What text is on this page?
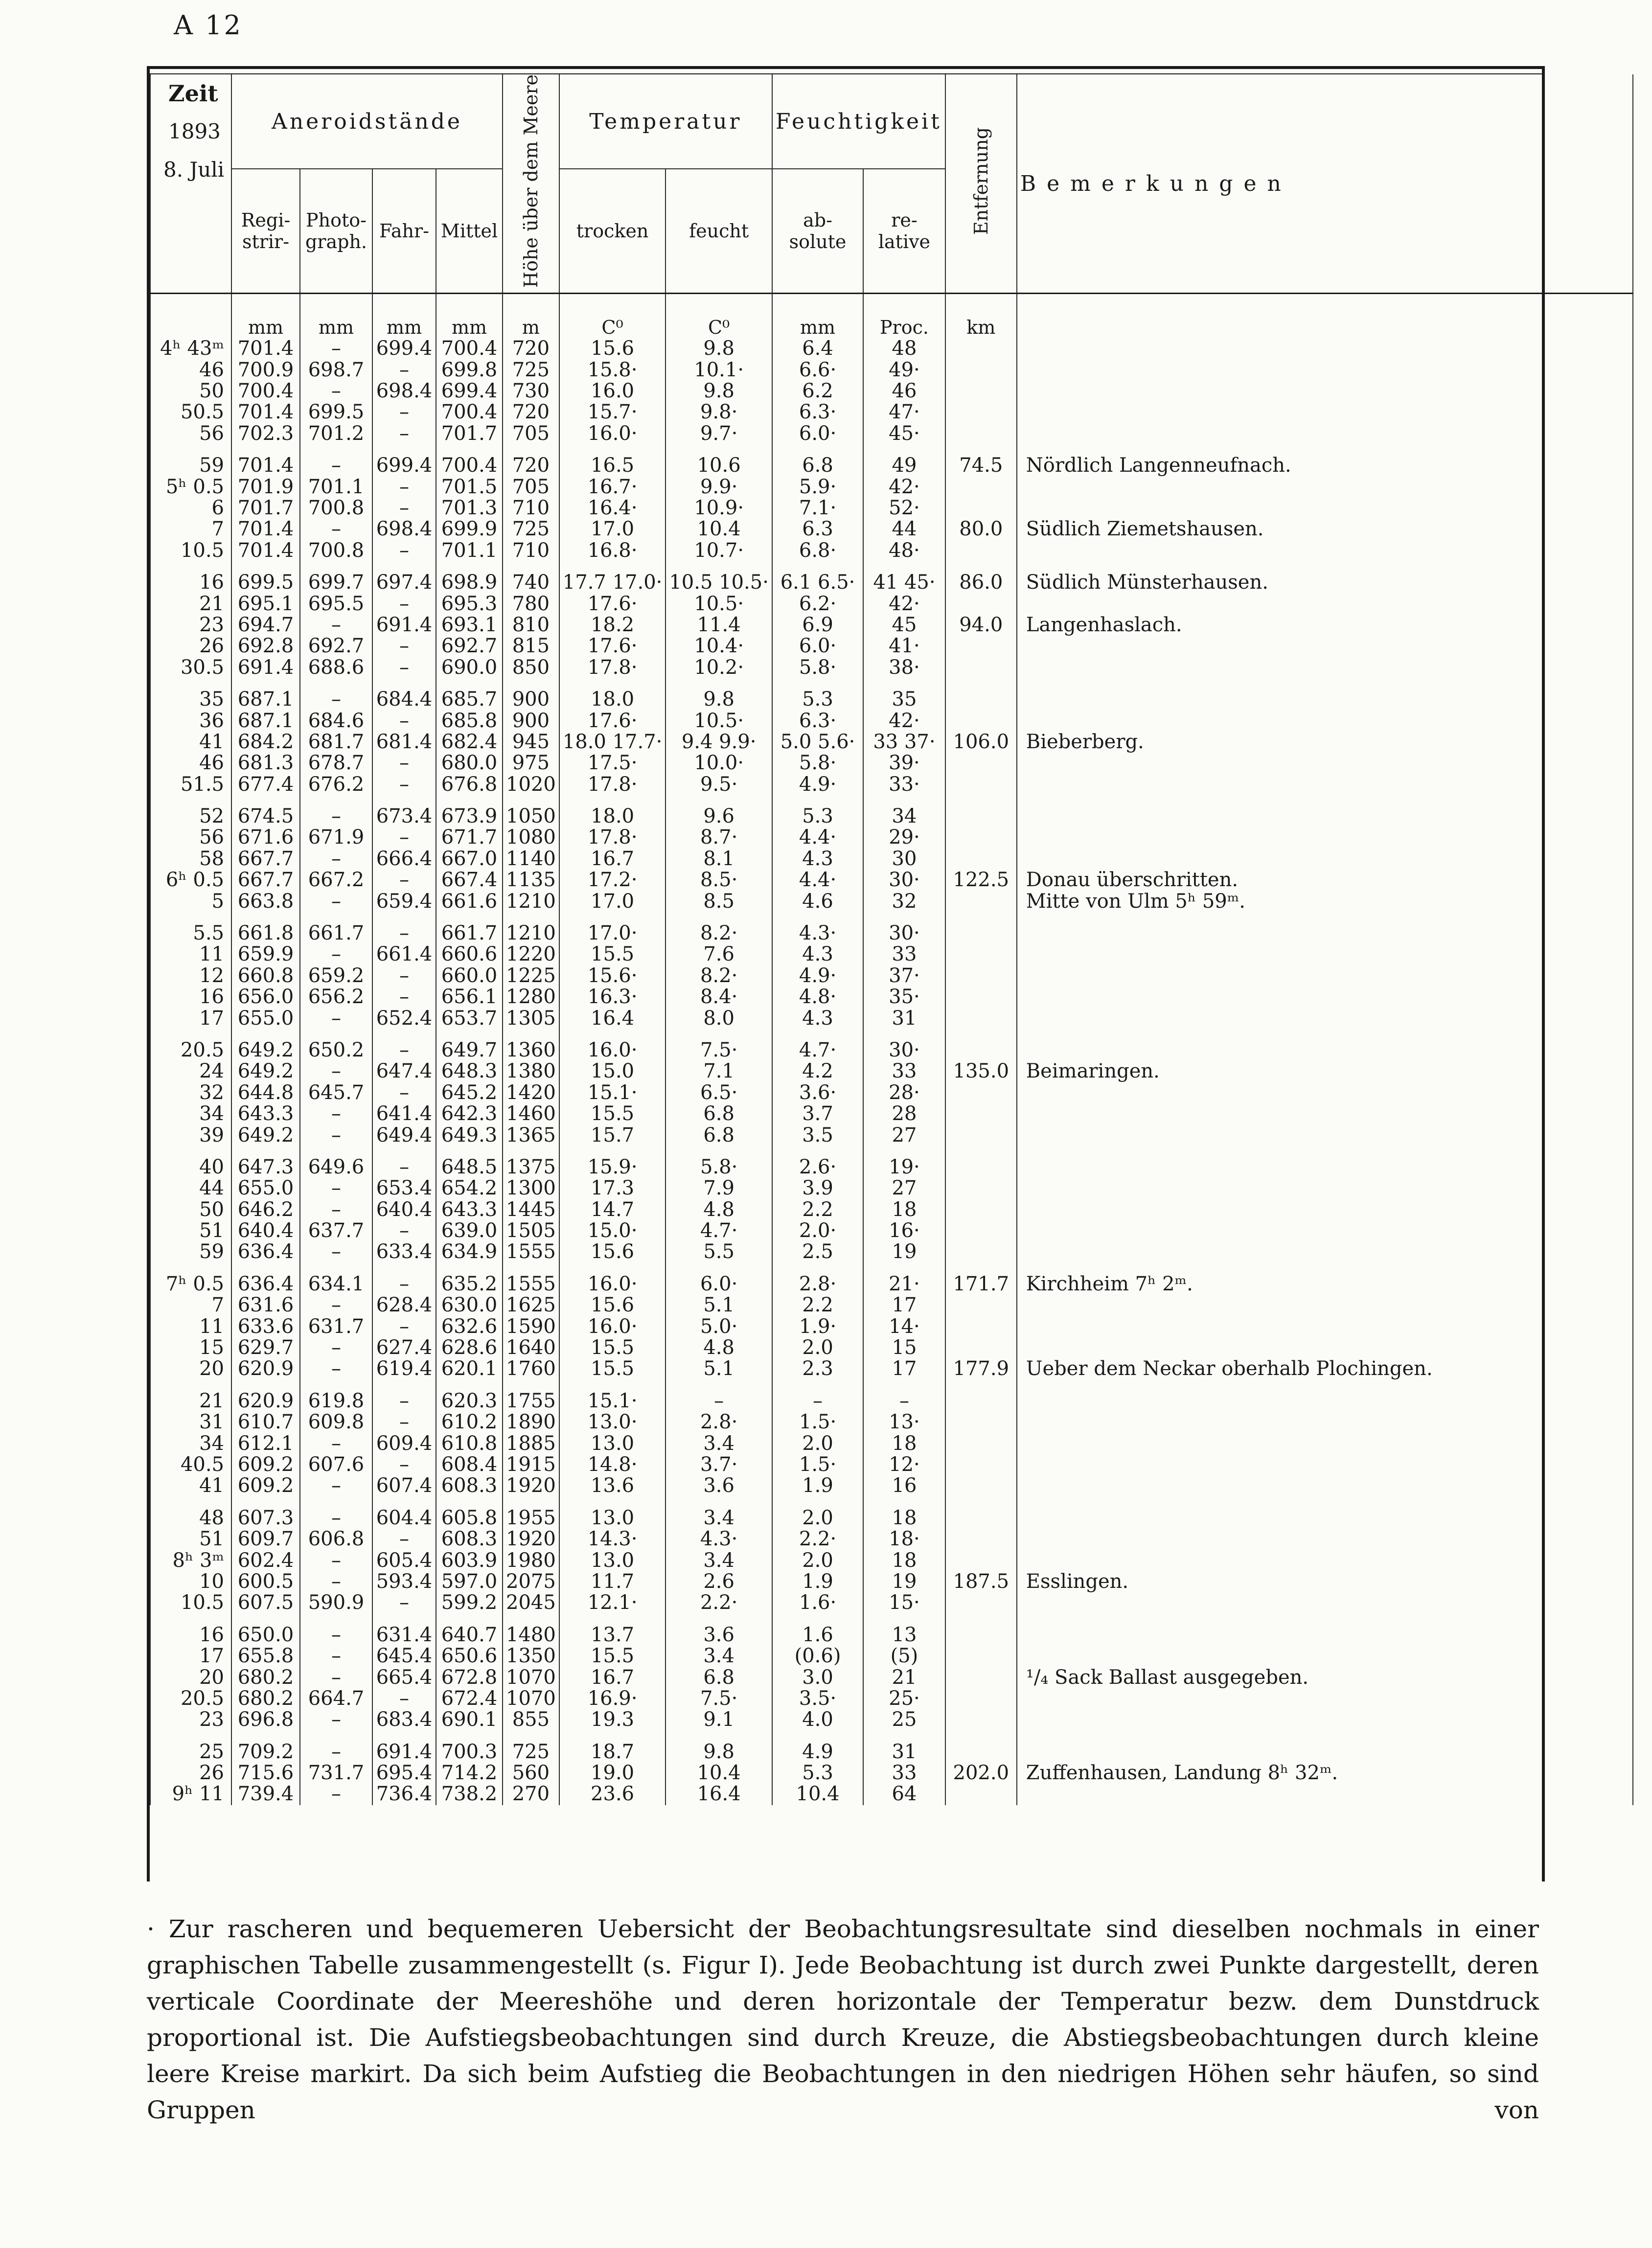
A 12
Zeit
1893
8. Juli	Aneroidstände				Höhe über dem Meere	Temperatur		Feuchtigkeit		Entfernung	Bemerkungen
	Regi-strir-	Photo-graph.	Fahr-	Mittel		trocken	feucht	ab-solute	re-lative		
	mm	mm	mm	mm	m	C⁰	C⁰	mm	Proc.	km	
4ʰ 43ᵐ	701.4	–	699.4	700.4	720	15.6	9.8	6.4	48		
46	700.9	698.7	–	699.8	725	15.8·	10.1·	6.6·	49·		
50	700.4	–	698.4	699.4	730	16.0	9.8	6.2	46		
50.5	701.4	699.5	–	700.4	720	15.7·	9.8·	6.3·	47·		
56	702.3	701.2	–	701.7	705	16.0·	9.7·	6.0·	45·		
59	701.4	–	699.4	700.4	720	16.5	10.6	6.8	49	74.5	Nördlich Langenneufnach.
5ʰ 0.5	701.9	701.1	–	701.5	705	16.7·	9.9·	5.9·	42·		
6	701.7	700.8	–	701.3	710	16.4·	10.9·	7.1·	52·		
7	701.4	–	698.4	699.9	725	17.0	10.4	6.3	44	80.0	Südlich Ziemetshausen.
10.5	701.4	700.8	–	701.1	710	16.8·	10.7·	6.8·	48·		
16	699.5	699.7	697.4	698.9	740	17.7 17.0·	10.5 10.5·	6.1 6.5·	41 45·	86.0	Südlich Münsterhausen.
21	695.1	695.5	–	695.3	780	17.6·	10.5·	6.2·	42·		
23	694.7	–	691.4	693.1	810	18.2	11.4	6.9	45	94.0	Langenhaslach.
26	692.8	692.7	–	692.7	815	17.6·	10.4·	6.0·	41·		
30.5	691.4	688.6	–	690.0	850	17.8·	10.2·	5.8·	38·		
35	687.1	–	684.4	685.7	900	18.0	9.8	5.3	35		
36	687.1	684.6	–	685.8	900	17.6·	10.5·	6.3·	42·		
41	684.2	681.7	681.4	682.4	945	18.0 17.7·	9.4 9.9·	5.0 5.6·	33 37·	106.0	Bieberberg.
46	681.3	678.7	–	680.0	975	17.5·	10.0·	5.8·	39·		
51.5	677.4	676.2	–	676.8	1020	17.8·	9.5·	4.9·	33·		
52	674.5	–	673.4	673.9	1050	18.0	9.6	5.3	34		
56	671.6	671.9	–	671.7	1080	17.8·	8.7·	4.4·	29·		
58	667.7	–	666.4	667.0	1140	16.7	8.1	4.3	30		
6ʰ 0.5	667.7	667.2	–	667.4	1135	17.2·	8.5·	4.4·	30·	122.5	Donau überschritten.
5	663.8	–	659.4	661.6	1210	17.0	8.5	4.6	32		Mitte von Ulm 5ʰ 59ᵐ.
5.5	661.8	661.7	–	661.7	1210	17.0·	8.2·	4.3·	30·		
11	659.9	–	661.4	660.6	1220	15.5	7.6	4.3	33		
12	660.8	659.2	–	660.0	1225	15.6·	8.2·	4.9·	37·		
16	656.0	656.2	–	656.1	1280	16.3·	8.4·	4.8·	35·		
17	655.0	–	652.4	653.7	1305	16.4	8.0	4.3	31		
20.5	649.2	650.2	–	649.7	1360	16.0·	7.5·	4.7·	30·		
24	649.2	–	647.4	648.3	1380	15.0	7.1	4.2	33	135.0	Beimaringen.
32	644.8	645.7	–	645.2	1420	15.1·	6.5·	3.6·	28·		
34	643.3	–	641.4	642.3	1460	15.5	6.8	3.7	28		
39	649.2	–	649.4	649.3	1365	15.7	6.8	3.5	27		
40	647.3	649.6	–	648.5	1375	15.9·	5.8·	2.6·	19·		
44	655.0	–	653.4	654.2	1300	17.3	7.9	3.9	27		
50	646.2	–	640.4	643.3	1445	14.7	4.8	2.2	18		
51	640.4	637.7	–	639.0	1505	15.0·	4.7·	2.0·	16·		
59	636.4	–	633.4	634.9	1555	15.6	5.5	2.5	19		
7ʰ 0.5	636.4	634.1	–	635.2	1555	16.0·	6.0·	2.8·	21·	171.7	Kirchheim 7ʰ 2ᵐ.
7	631.6	–	628.4	630.0	1625	15.6	5.1	2.2	17		
11	633.6	631.7	–	632.6	1590	16.0·	5.0·	1.9·	14·		
15	629.7	–	627.4	628.6	1640	15.5	4.8	2.0	15		
20	620.9	–	619.4	620.1	1760	15.5	5.1	2.3	17	177.9	Ueber dem Neckar oberhalb Plochingen.
21	620.9	619.8	–	620.3	1755	15.1·	–	–	–		
31	610.7	609.8	–	610.2	1890	13.0·	2.8·	1.5·	13·		
34	612.1	–	609.4	610.8	1885	13.0	3.4	2.0	18		
40.5	609.2	607.6	–	608.4	1915	14.8·	3.7·	1.5·	12·		
41	609.2	–	607.4	608.3	1920	13.6	3.6	1.9	16		
48	607.3	–	604.4	605.8	1955	13.0	3.4	2.0	18		
51	609.7	606.8	–	608.3	1920	14.3·	4.3·	2.2·	18·		
8ʰ 3ᵐ	602.4	–	605.4	603.9	1980	13.0	3.4	2.0	18		
10	600.5	–	593.4	597.0	2075	11.7	2.6	1.9	19	187.5	Esslingen.
10.5	607.5	590.9	–	599.2	2045	12.1·	2.2·	1.6·	15·		
16	650.0	–	631.4	640.7	1480	13.7	3.6	1.6	13		
17	655.8	–	645.4	650.6	1350	15.5	3.4	(0.6)	(5)		
20	680.2	–	665.4	672.8	1070	16.7	6.8	3.0	21		¹/₄ Sack Ballast ausgegeben.
20.5	680.2	664.7	–	672.4	1070	16.9·	7.5·	3.5·	25·		
23	696.8	–	683.4	690.1	855	19.3	9.1	4.0	25		
25	709.2	–	691.4	700.3	725	18.7	9.8	4.9	31		
26	715.6	731.7	695.4	714.2	560	19.0	10.4	5.3	33	202.0	Zuffenhausen, Landung 8ʰ 32ᵐ.
9ʰ 11	739.4	–	736.4	738.2	270	23.6	16.4	10.4	64		

· Zur rascheren und bequemeren Uebersicht der Beobachtungsresultate sind dieselben nochmals in einer graphischen Tabelle zusammengestellt (s. Figur I). Jede Beobachtung ist durch zwei Punkte dargestellt, deren verticale Coordinate der Meereshöhe und deren horizontale der Temperatur bezw. dem Dunstdruck proportional ist. Die Aufstiegsbeobachtungen sind durch Kreuze, die Abstiegsbeobachtungen durch kleine leere Kreise markirt. Da sich beim Aufstieg die Beobachtungen in den niedrigen Höhen sehr häufen, so sind Gruppen von
